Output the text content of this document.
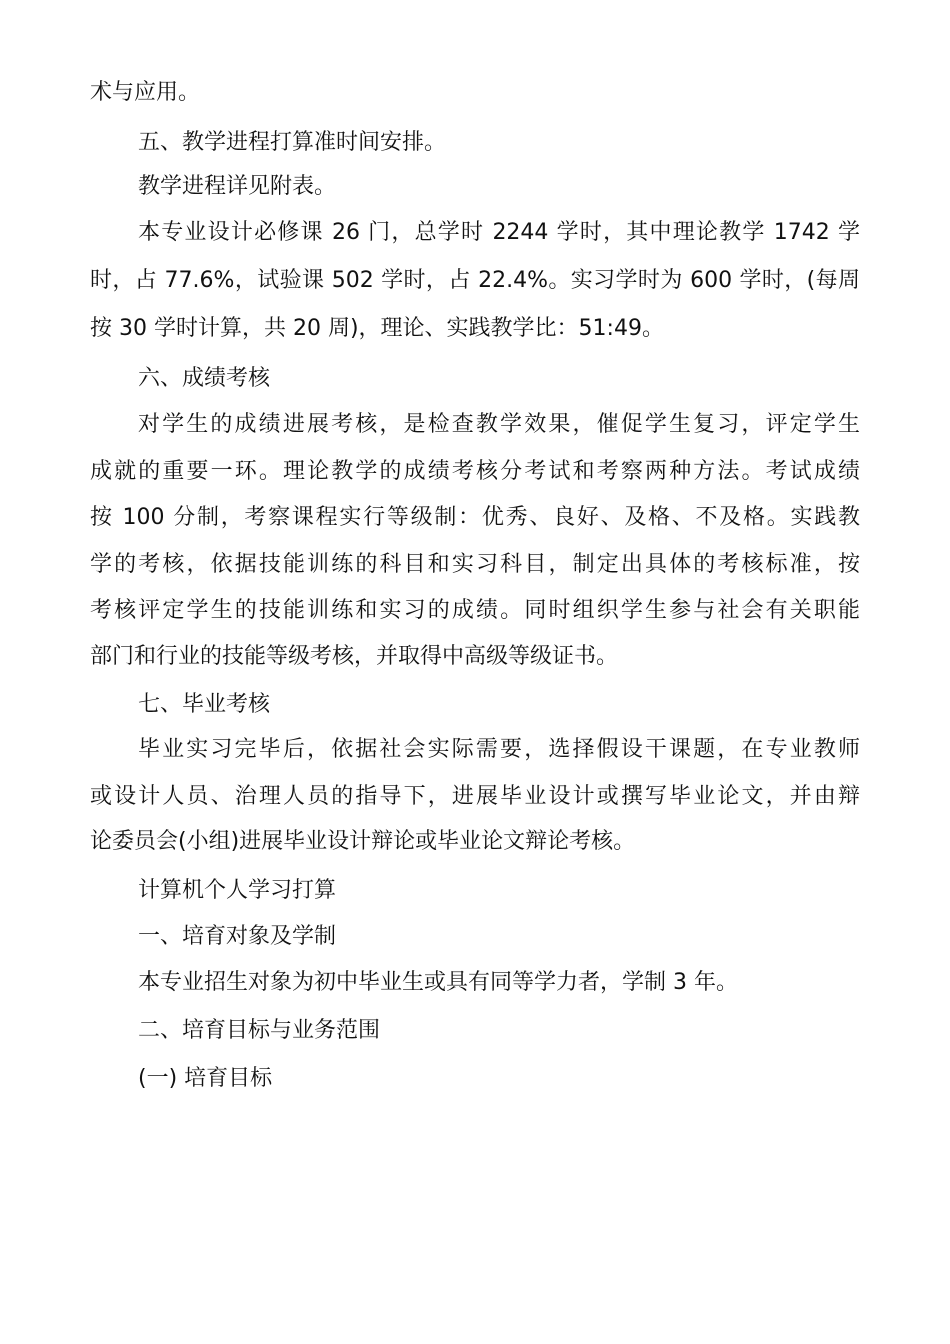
术与应用。
五、教学进程打算准时间安排。
教学进程详见附表。
本专业设计必修课 26 门，总学时 2244 学时，其中理论教学 1742 学
时，占 77.6%，试验课 502 学时，占 22.4%。实习学时为 600 学时，(每周
按 30 学时计算，共 20 周)，理论、实践教学比：51:49。
六、成绩考核
对学生的成绩进展考核，是检查教学效果，催促学生复习，评定学生
成就的重要一环。理论教学的成绩考核分考试和考察两种方法。考试成绩
按 100 分制，考察课程实行等级制：优秀、良好、及格、不及格。实践教
学的考核，依据技能训练的科目和实习科目，制定出具体的考核标准，按
考核评定学生的技能训练和实习的成绩。同时组织学生参与社会有关职能
部门和行业的技能等级考核，并取得中高级等级证书。
七、毕业考核
毕业实习完毕后，依据社会实际需要，选择假设干课题，在专业教师
或设计人员、治理人员的指导下，进展毕业设计或撰写毕业论文，并由辩
论委员会(小组)进展毕业设计辩论或毕业论文辩论考核。
计算机个人学习打算
一、培育对象及学制
本专业招生对象为初中毕业生或具有同等学力者，学制 3 年。
二、培育目标与业务范围
(一) 培育目标
